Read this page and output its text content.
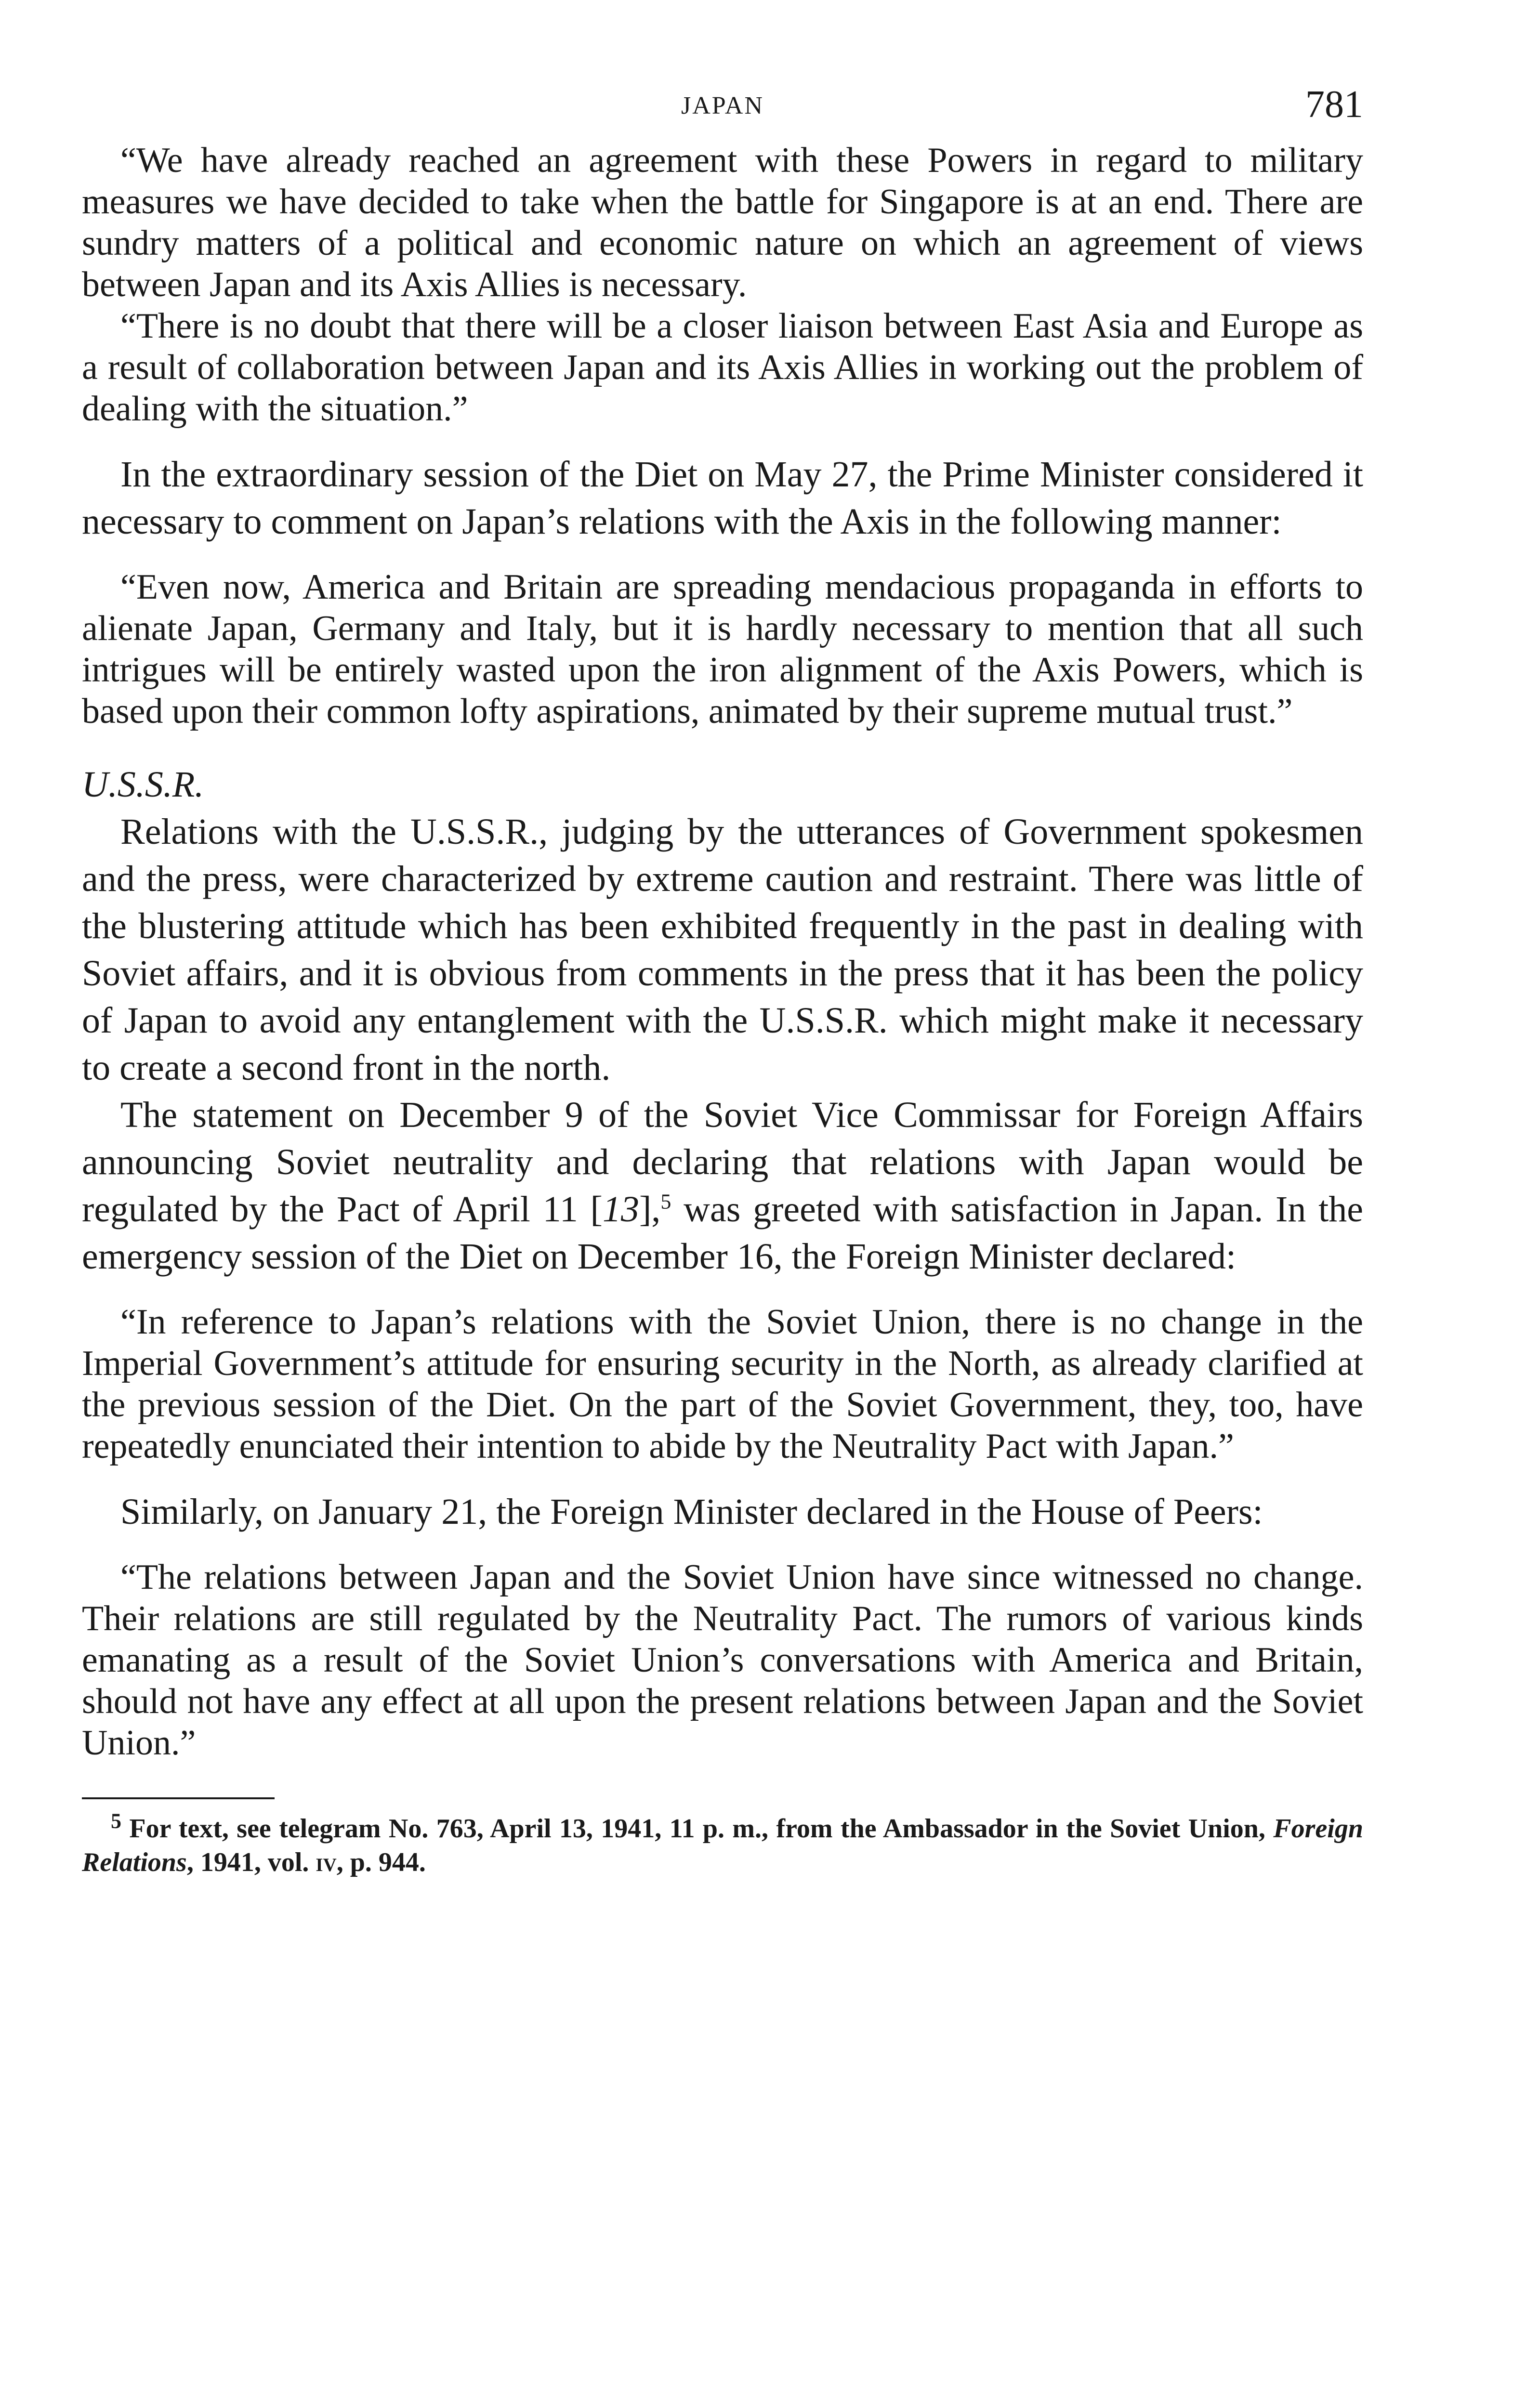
JAPAN	781

“We have already reached an agreement with these Powers in regard to military measures we have decided to take when the battle for Singapore is at an end. There are sundry matters of a political and economic nature on which an agreement of views between Japan and its Axis Allies is necessary.

“There is no doubt that there will be a closer liaison between East Asia and Europe as a result of collaboration between Japan and its Axis Allies in working out the problem of dealing with the situation.”

In the extraordinary session of the Diet on May 27, the Prime Minister considered it necessary to comment on Japan’s relations with the Axis in the following manner:

“Even now, America and Britain are spreading mendacious propaganda in efforts to alienate Japan, Germany and Italy, but it is hardly necessary to mention that all such intrigues will be entirely wasted upon the iron alignment of the Axis Powers, which is based upon their common lofty aspirations, animated by their supreme mutual trust.”

U.S.S.R.

Relations with the U.S.S.R., judging by the utterances of Government spokesmen and the press, were characterized by extreme caution and restraint. There was little of the blustering attitude which has been exhibited frequently in the past in dealing with Soviet affairs, and it is obvious from comments in the press that it has been the policy of Japan to avoid any entanglement with the U.S.S.R. which might make it necessary to create a second front in the north.

The statement on December 9 of the Soviet Vice Commissar for Foreign Affairs announcing Soviet neutrality and declaring that relations with Japan would be regulated by the Pact of April 11 [13],$^5$ was greeted with satisfaction in Japan. In the emergency session of the Diet on December 16, the Foreign Minister declared:

“In reference to Japan’s relations with the Soviet Union, there is no change in the Imperial Government’s attitude for ensuring security in the North, as already clarified at the previous session of the Diet. On the part of the Soviet Government, they, too, have repeatedly enunciated their intention to abide by the Neutrality Pact with Japan.”

Similarly, on January 21, the Foreign Minister declared in the House of Peers:

“The relations between Japan and the Soviet Union have since witnessed no change. Their relations are still regulated by the Neutrality Pact. The rumors of various kinds emanating as a result of the Soviet Union’s conversations with America and Britain, should not have any effect at all upon the present relations between Japan and the Soviet Union.”

$^5$ For text, see telegram No. 763, April 13, 1941, 11 p. m., from the Ambassador in the Soviet Union, Foreign Relations, 1941, vol. iv, p. 944.
